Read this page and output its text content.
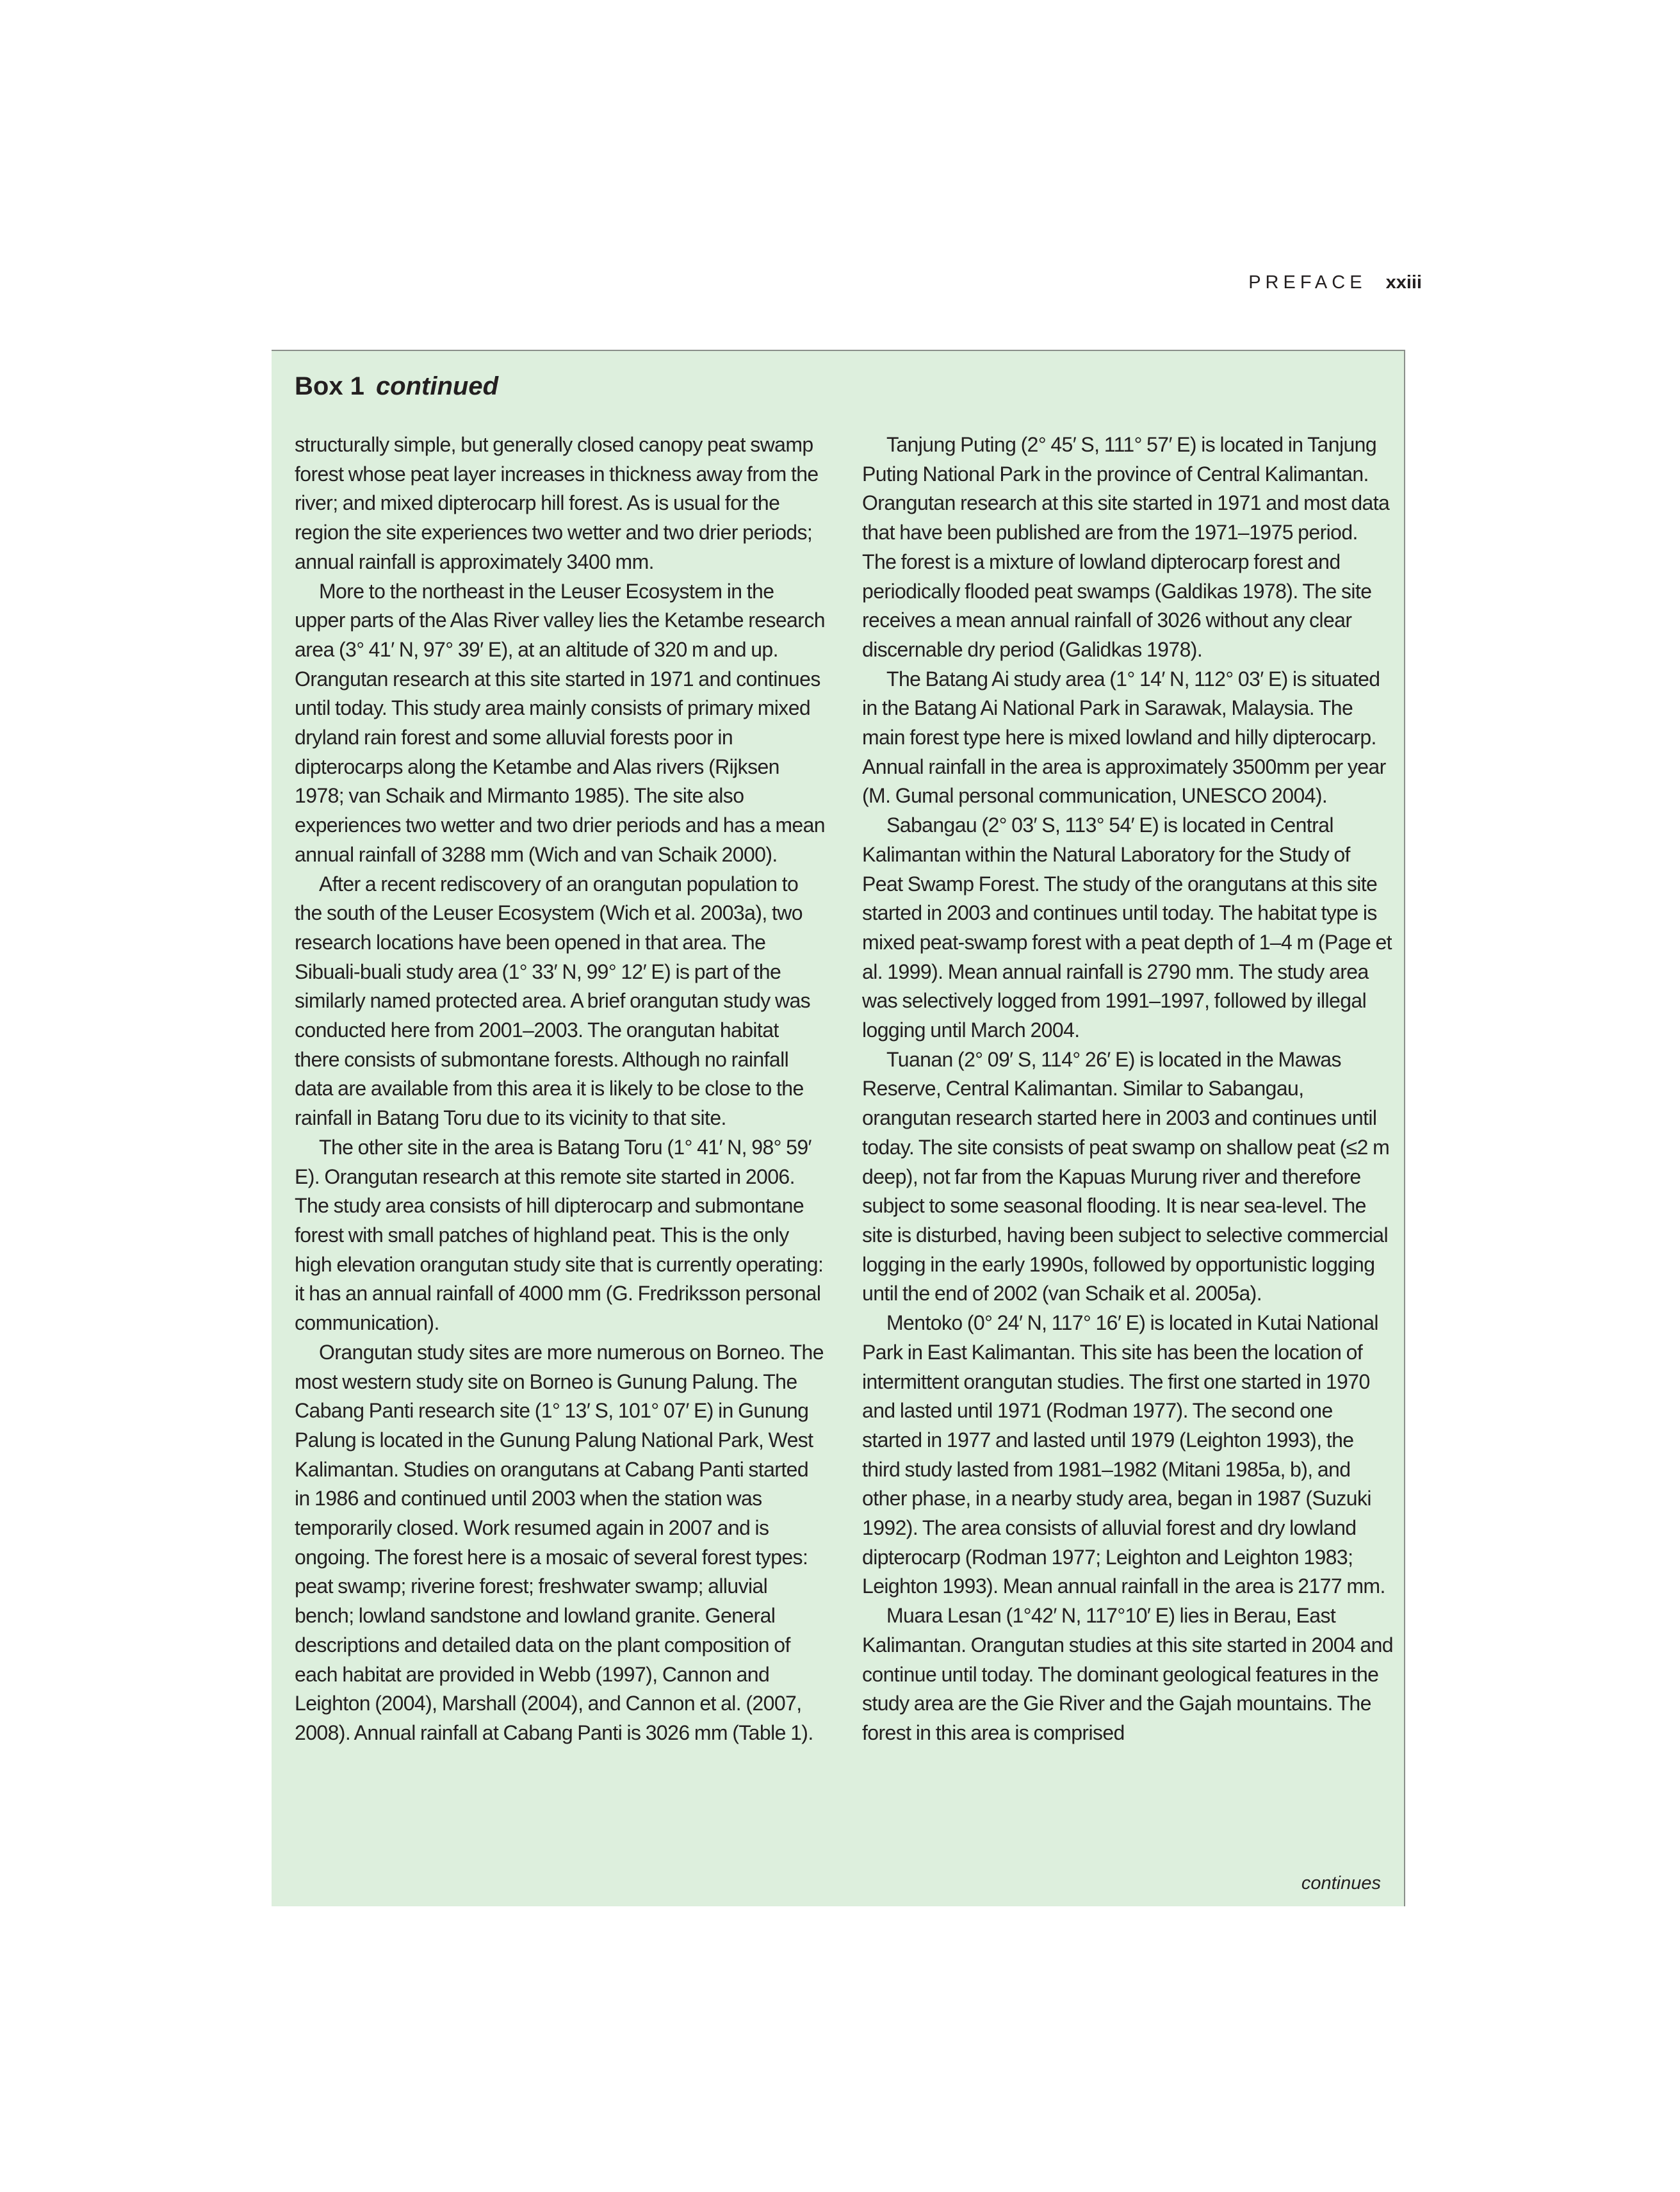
PREFACE xxiii
Box 1 continued

structurally simple, but generally closed canopy peat swamp forest whose peat layer increases in thickness away from the river; and mixed dipterocarp hill forest. As is usual for the region the site experiences two wetter and two drier periods; annual rainfall is approximately 3400 mm.

More to the northeast in the Leuser Ecosystem in the upper parts of the Alas River valley lies the Ketambe research area (3° 41′ N, 97° 39′ E), at an altitude of 320 m and up. Orangutan research at this site started in 1971 and continues until today. This study area mainly consists of primary mixed dryland rain forest and some alluvial forests poor in dipterocarps along the Ketambe and Alas rivers (Rijksen 1978; van Schaik and Mirmanto 1985). The site also experiences two wetter and two drier periods and has a mean annual rainfall of 3288 mm (Wich and van Schaik 2000).

After a recent rediscovery of an orangutan population to the south of the Leuser Ecosystem (Wich et al. 2003a), two research locations have been opened in that area. The Sibuali-buali study area (1° 33′ N, 99° 12′ E) is part of the similarly named protected area. A brief orangutan study was conducted here from 2001–2003. The orangutan habitat there consists of submontane forests. Although no rainfall data are available from this area it is likely to be close to the rainfall in Batang Toru due to its vicinity to that site.

The other site in the area is Batang Toru (1° 41′ N, 98° 59′ E). Orangutan research at this remote site started in 2006. The study area consists of hill dipterocarp and submontane forest with small patches of highland peat. This is the only high elevation orangutan study site that is currently operating: it has an annual rainfall of 4000 mm (G. Fredriksson personal communication).

Orangutan study sites are more numerous on Borneo. The most western study site on Borneo is Gunung Palung. The Cabang Panti research site (1° 13′ S, 101° 07′ E) in Gunung Palung is located in the Gunung Palung National Park, West Kalimantan. Studies on orangutans at Cabang Panti started in 1986 and continued until 2003 when the station was temporarily closed. Work resumed again in 2007 and is ongoing. The forest here is a mosaic of several forest types: peat swamp; riverine forest; freshwater swamp; alluvial bench; lowland sandstone and lowland granite. General descriptions and detailed data on the plant composition of each habitat are provided in Webb (1997), Cannon and Leighton (2004), Marshall (2004), and Cannon et al. (2007, 2008). Annual rainfall at Cabang Panti is 3026 mm (Table 1).

Tanjung Puting (2° 45′ S, 111° 57′ E) is located in Tanjung Puting National Park in the province of Central Kalimantan. Orangutan research at this site started in 1971 and most data that have been published are from the 1971–1975 period. The forest is a mixture of lowland dipterocarp forest and periodically flooded peat swamps (Galdikas 1978). The site receives a mean annual rainfall of 3026 without any clear discernable dry period (Galidkas 1978).

The Batang Ai study area (1° 14′ N, 112° 03′ E) is situated in the Batang Ai National Park in Sarawak, Malaysia. The main forest type here is mixed lowland and hilly dipterocarp. Annual rainfall in the area is approximately 3500mm per year (M. Gumal personal communication, UNESCO 2004).

Sabangau (2° 03′ S, 113° 54′ E) is located in Central Kalimantan within the Natural Laboratory for the Study of Peat Swamp Forest. The study of the orangutans at this site started in 2003 and continues until today. The habitat type is mixed peat-swamp forest with a peat depth of 1–4 m (Page et al. 1999). Mean annual rainfall is 2790 mm. The study area was selectively logged from 1991–1997, followed by illegal logging until March 2004.

Tuanan (2° 09′ S, 114° 26′ E) is located in the Mawas Reserve, Central Kalimantan. Similar to Sabangau, orangutan research started here in 2003 and continues until today. The site consists of peat swamp on shallow peat (≤2 m deep), not far from the Kapuas Murung river and therefore subject to some seasonal flooding. It is near sea-level. The site is disturbed, having been subject to selective commercial logging in the early 1990s, followed by opportunistic logging until the end of 2002 (van Schaik et al. 2005a).

Mentoko (0° 24′ N, 117° 16′ E) is located in Kutai National Park in East Kalimantan. This site has been the location of intermittent orangutan studies. The first one started in 1970 and lasted until 1971 (Rodman 1977). The second one started in 1977 and lasted until 1979 (Leighton 1993), the third study lasted from 1981–1982 (Mitani 1985a, b), and other phase, in a nearby study area, began in 1987 (Suzuki 1992). The area consists of alluvial forest and dry lowland dipterocarp (Rodman 1977; Leighton and Leighton 1983; Leighton 1993). Mean annual rainfall in the area is 2177 mm.

Muara Lesan (1°42′ N, 117°10′ E) lies in Berau, East Kalimantan. Orangutan studies at this site started in 2004 and continue until today. The dominant geological features in the study area are the Gie River and the Gajah mountains. The forest in this area is comprised

continues
